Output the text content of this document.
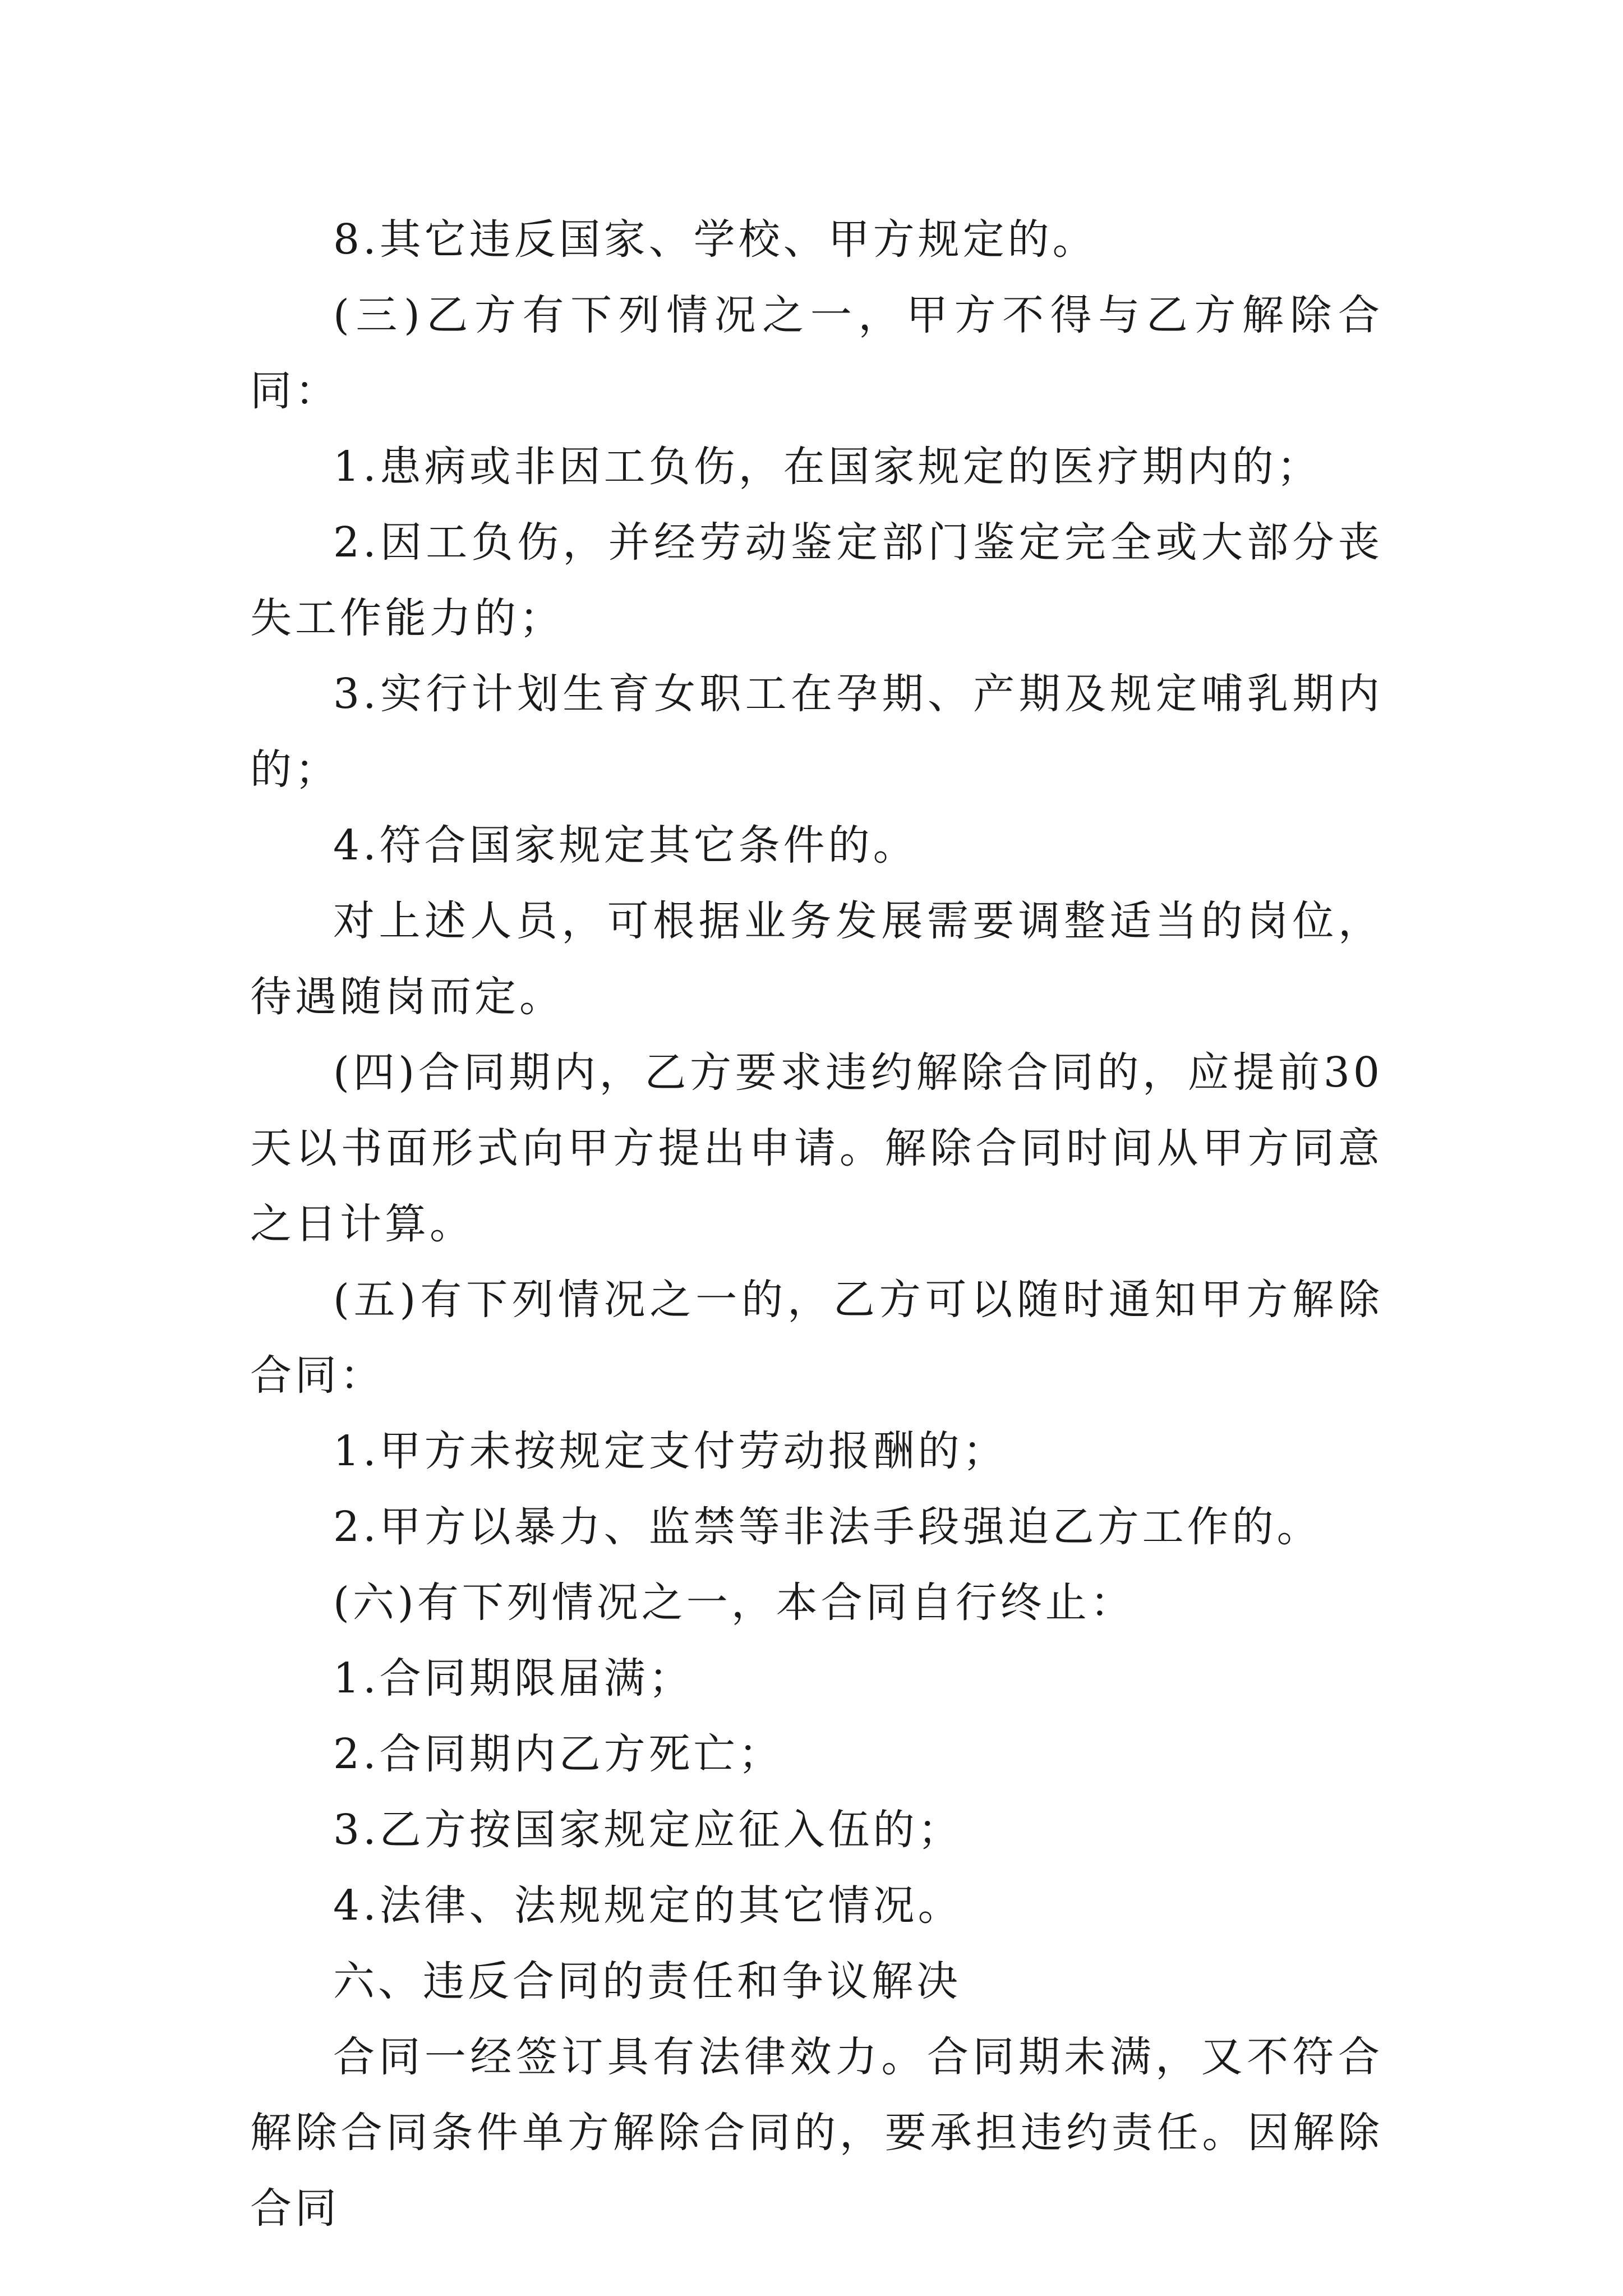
8.其它违反国家、学校、甲方规定的。

(三)乙方有下列情况之一，甲方不得与乙方解除合同：

1.患病或非因工负伤，在国家规定的医疗期内的；

2.因工负伤，并经劳动鉴定部门鉴定完全或大部分丧失工作能力的；

3.实行计划生育女职工在孕期、产期及规定哺乳期内的；

4.符合国家规定其它条件的。

对上述人员，可根据业务发展需要调整适当的岗位，待遇随岗而定。

(四)合同期内，乙方要求违约解除合同的，应提前30天以书面形式向甲方提出申请。解除合同时间从甲方同意之日计算。

(五)有下列情况之一的，乙方可以随时通知甲方解除合同：

1.甲方未按规定支付劳动报酬的；

2.甲方以暴力、监禁等非法手段强迫乙方工作的。

(六)有下列情况之一，本合同自行终止：

1.合同期限届满；

2.合同期内乙方死亡；

3.乙方按国家规定应征入伍的；

4.法律、法规规定的其它情况。

六、违反合同的责任和争议解决

合同一经签订具有法律效力。合同期未满，又不符合解除合同条件单方解除合同的，要承担违约责任。因解除合同
